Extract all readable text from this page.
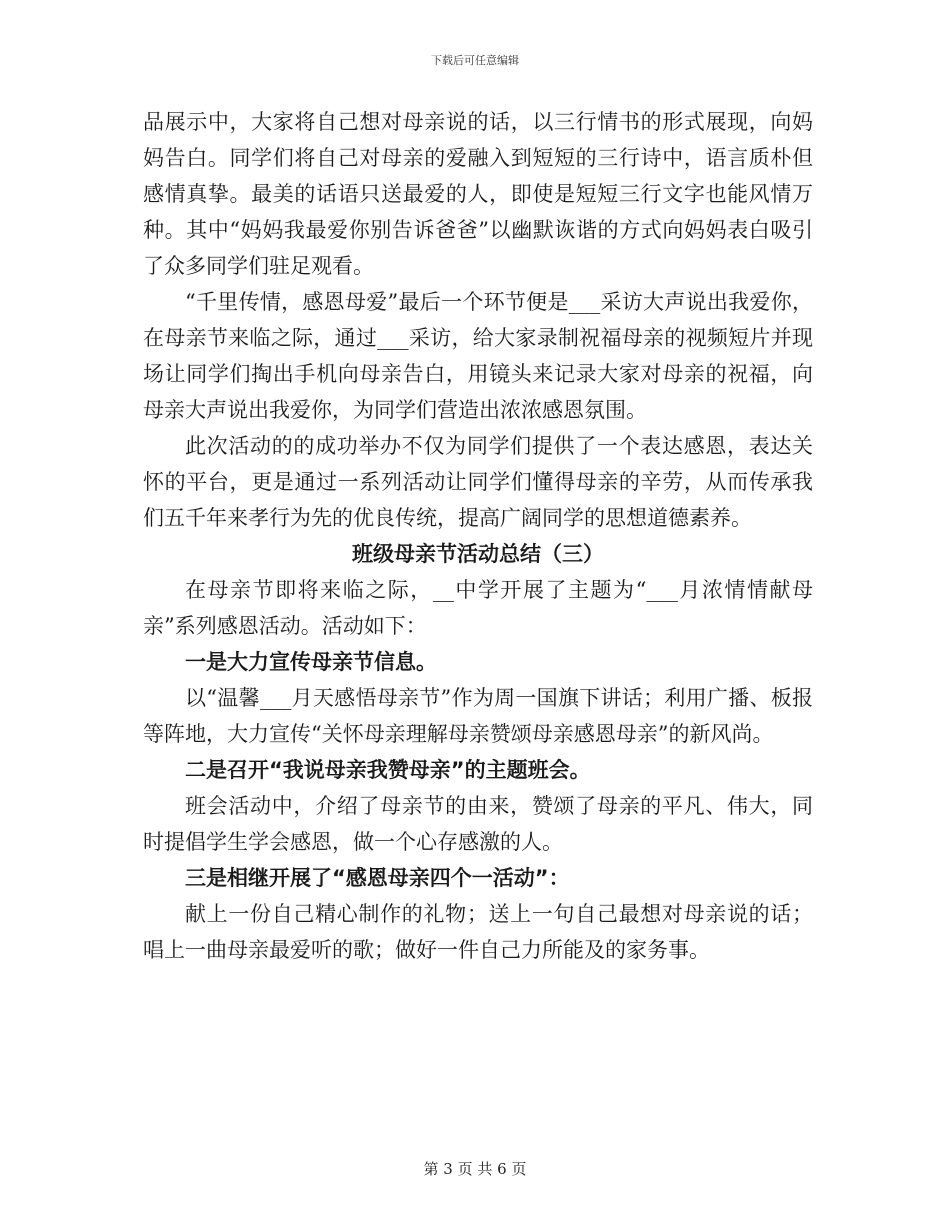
下载后可任意编辑

品展示中，大家将自己想对母亲说的话，以三行情书的形式展现，向妈妈告白。同学们将自己对母亲的爱融入到短短的三行诗中，语言质朴但感情真挚。最美的话语只送最爱的人，即使是短短三行文字也能风情万种。其中“妈妈我最爱你别告诉爸爸”以幽默诙谐的方式向妈妈表白吸引了众多同学们驻足观看。

“千里传情，感恩母爱”最后一个环节便是___采访大声说出我爱你，在母亲节来临之际，通过___采访，给大家录制祝福母亲的视频短片并现场让同学们掏出手机向母亲告白，用镜头来记录大家对母亲的祝福，向母亲大声说出我爱你，为同学们营造出浓浓感恩氛围。

此次活动的的成功举办不仅为同学们提供了一个表达感恩，表达关怀的平台，更是通过一系列活动让同学们懂得母亲的辛劳，从而传承我们五千年来孝行为先的优良传统，提高广阔同学的思想道德素养。

班级母亲节活动总结（三）

在母亲节即将来临之际，__中学开展了主题为“___月浓情情献母亲”系列感恩活动。活动如下：

一是大力宣传母亲节信息。

以“温馨___月天感悟母亲节”作为周一国旗下讲话；利用广播、板报等阵地，大力宣传“关怀母亲理解母亲赞颂母亲感恩母亲”的新风尚。

二是召开“我说母亲我赞母亲”的主题班会。

班会活动中，介绍了母亲节的由来，赞颂了母亲的平凡、伟大，同时提倡学生学会感恩，做一个心存感激的人。

三是相继开展了“感恩母亲四个一活动”：

献上一份自己精心制作的礼物；送上一句自己最想对母亲说的话；唱上一曲母亲最爱听的歌；做好一件自己力所能及的家务事。

第 3 页 共 6 页
